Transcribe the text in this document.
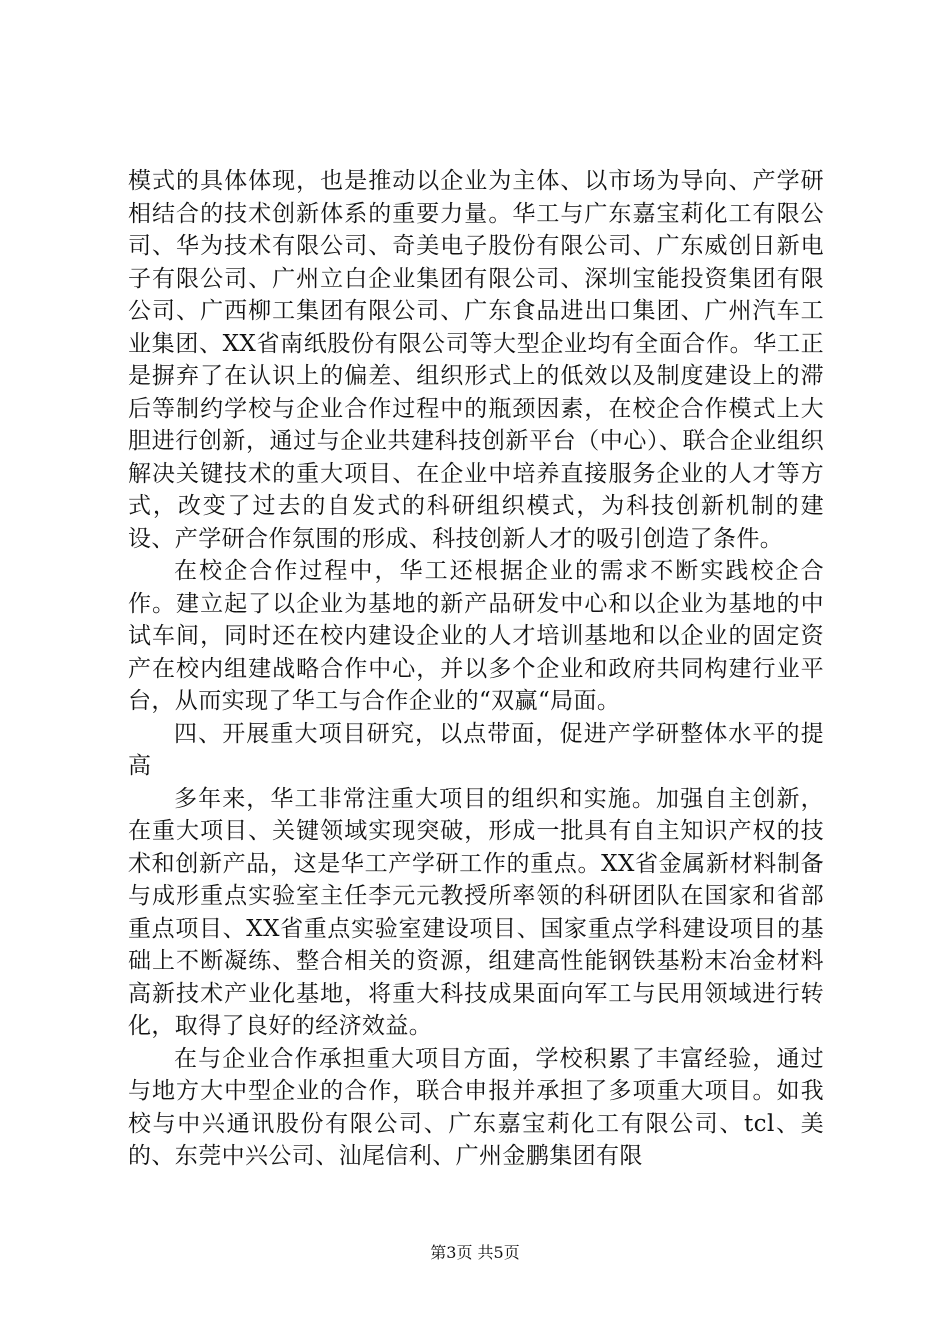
模式的具体体现，也是推动以企业为主体、以市场为导向、产学研相结合的技术创新体系的重要力量。华工与广东嘉宝莉化工有限公司、华为技术有限公司、奇美电子股份有限公司、广东威创日新电子有限公司、广州立白企业集团有限公司、深圳宝能投资集团有限公司、广西柳工集团有限公司、广东食品进出口集团、广州汽车工业集团、XX省南纸股份有限公司等大型企业均有全面合作。华工正是摒弃了在认识上的偏差、组织形式上的低效以及制度建设上的滞后等制约学校与企业合作过程中的瓶颈因素，在校企合作模式上大胆进行创新，通过与企业共建科技创新平台（中心）、联合企业组织解决关键技术的重大项目、在企业中培养直接服务企业的人才等方式，改变了过去的自发式的科研组织模式，为科技创新机制的建设、产学研合作氛围的形成、科技创新人才的吸引创造了条件。

在校企合作过程中，华工还根据企业的需求不断实践校企合作。建立起了以企业为基地的新产品研发中心和以企业为基地的中试车间，同时还在校内建设企业的人才培训基地和以企业的固定资产在校内组建战略合作中心，并以多个企业和政府共同构建行业平台，从而实现了华工与合作企业的“双赢“局面。

四、开展重大项目研究，以点带面，促进产学研整体水平的提高

多年来，华工非常注重大项目的组织和实施。加强自主创新，在重大项目、关键领域实现突破，形成一批具有自主知识产权的技术和创新产品，这是华工产学研工作的重点。XX省金属新材料制备与成形重点实验室主任李元元教授所率领的科研团队在国家和省部重点项目、XX省重点实验室建设项目、国家重点学科建设项目的基础上不断凝练、整合相关的资源，组建高性能钢铁基粉末冶金材料高新技术产业化基地，将重大科技成果面向军工与民用领域进行转化，取得了良好的经济效益。

在与企业合作承担重大项目方面，学校积累了丰富经验，通过与地方大中型企业的合作，联合申报并承担了多项重大项目。如我校与中兴通讯股份有限公司、广东嘉宝莉化工有限公司、tcl、美的、东莞中兴公司、汕尾信利、广州金鹏集团有限

第3页 共5页
